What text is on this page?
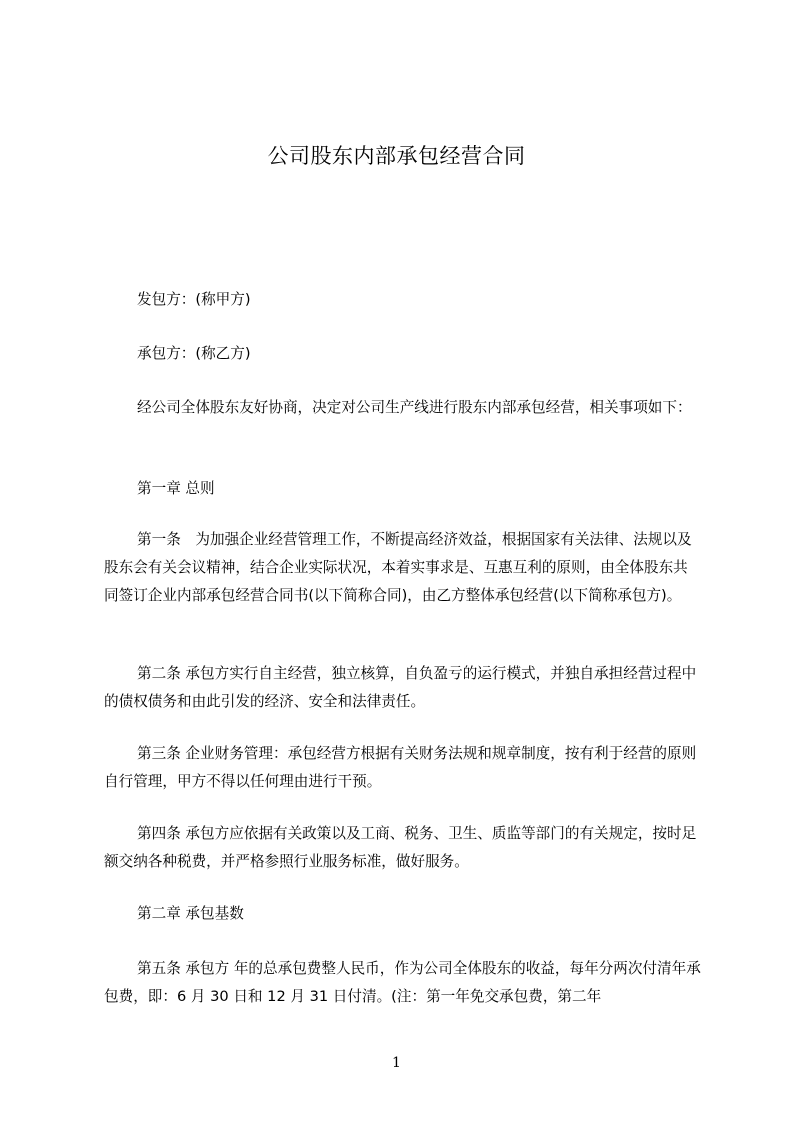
公司股东内部承包经营合同

发包方：(称甲方)

承包方：(称乙方)

经公司全体股东友好协商，决定对公司生产线进行股东内部承包经营，相关事项如下：

第一章 总则

第一条　为加强企业经营管理工作，不断提高经济效益，根据国家有关法律、法规以及股东会有关会议精神，结合企业实际状况，本着实事求是、互惠互利的原则，由全体股东共同签订企业内部承包经营合同书(以下简称合同)，由乙方整体承包经营(以下简称承包方)。

第二条 承包方实行自主经营，独立核算，自负盈亏的运行模式，并独自承担经营过程中的债权债务和由此引发的经济、安全和法律责任。

第三条 企业财务管理：承包经营方根据有关财务法规和规章制度，按有利于经营的原则自行管理，甲方不得以任何理由进行干预。

第四条 承包方应依据有关政策以及工商、税务、卫生、质监等部门的有关规定，按时足额交纳各种税费，并严格参照行业服务标准，做好服务。

第二章 承包基数

第五条 承包方 年的总承包费整人民币，作为公司全体股东的收益，每年分两次付清年承包费，即：6 月 30 日和 12 月 31 日付清。(注：第一年免交承包费，第二年

1
